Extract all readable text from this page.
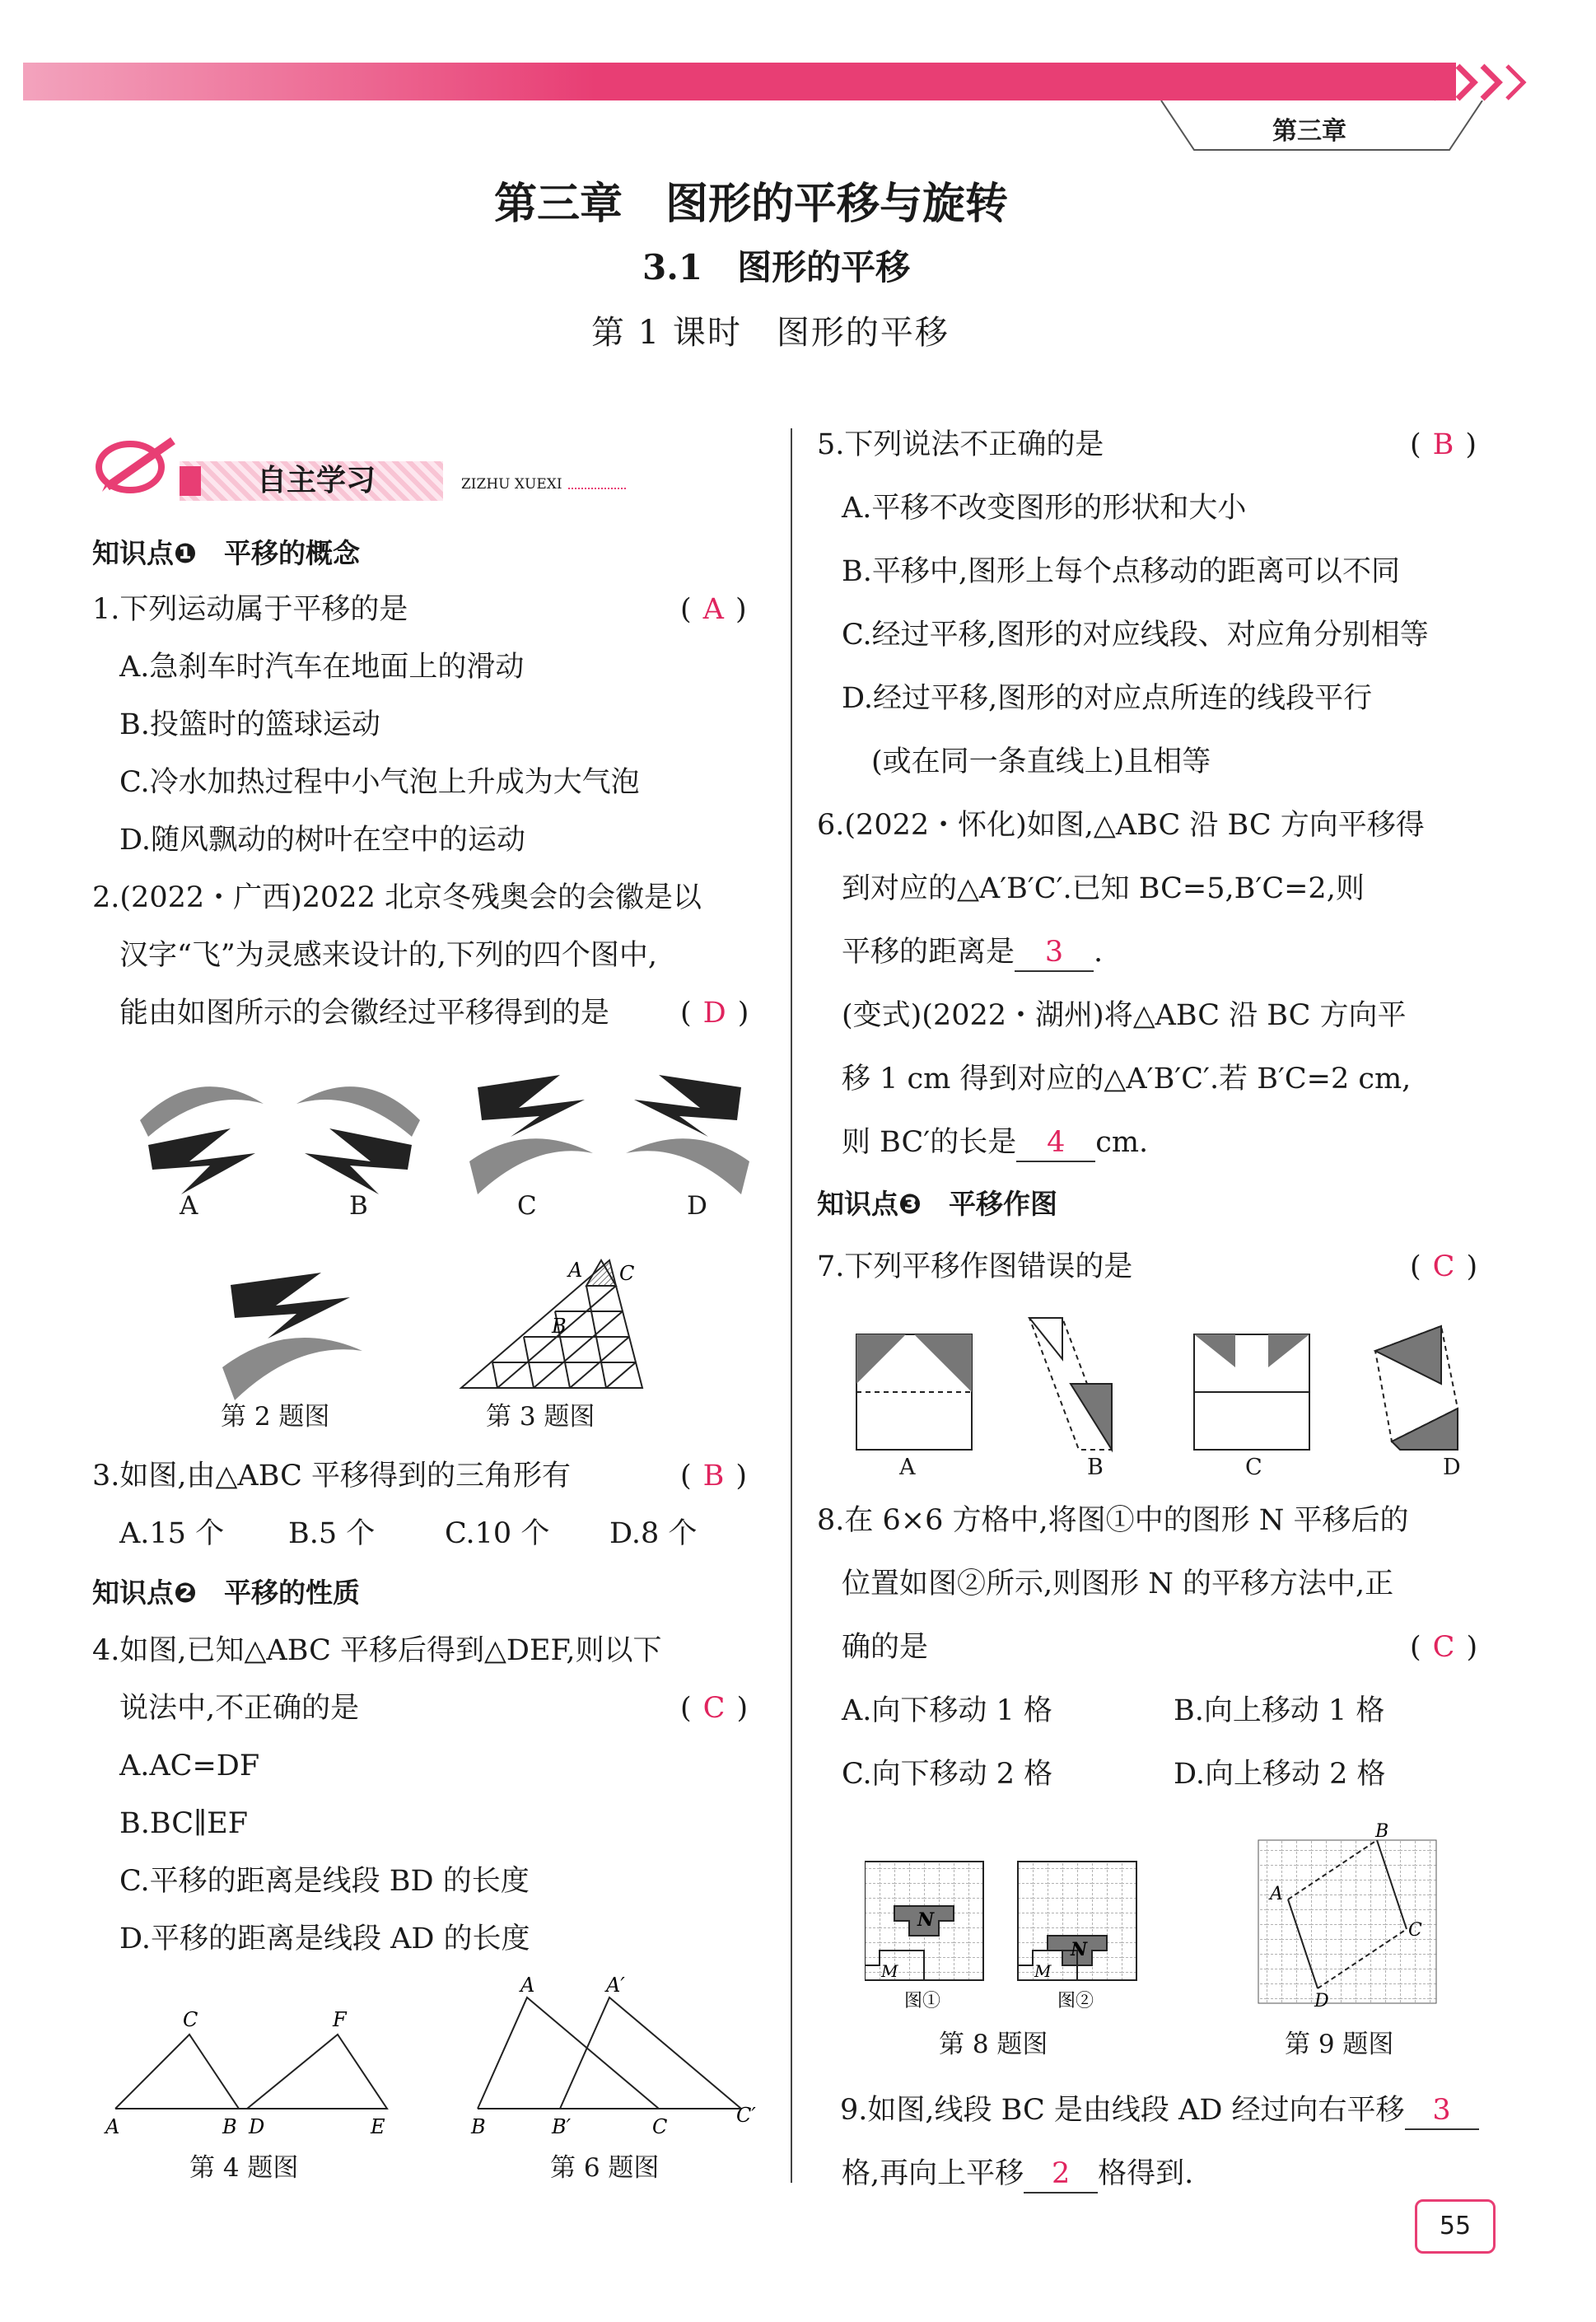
第三章
第三章　图形的平移与旋转
3.1　图形的平移
第 1 课时　图形的平移
自主学习	ZIZHU XUEXI
知识点❶　平移的概念
1.下列运动属于平移的是	( A )
A.急刹车时汽车在地面上的滑动
B.投篮时的篮球运动
C.冷水加热过程中小气泡上升成为大气泡
D.随风飘动的树叶在空中的运动
2.(2022・广西)2022 北京冬残奥会的会徽是以
汉字“飞”为灵感来设计的,下列的四个图中,
能由如图所示的会徽经过平移得到的是 ( D )
A	B	C	D
第 2 题图
A C
B
第 3 题图
3.如图,由△ABC 平移得到的三角形有	( B )
A.15 个 B.5 个 C.10 个 D.8 个
知识点❷　平移的性质
4.如图,已知△ABC 平移后得到△DEF,则以下
说法中,不正确的是	( C )
A.AC=DF
B.BC∥EF
C.平移的距离是线段 BD 的长度
D.平移的距离是线段 AD 的长度
C	F
A	B D	E
第 4 题图
A	A′
B	B′	C	C′
第 6 题图
5.下列说法不正确的是	( B )
A.平移不改变图形的形状和大小
B.平移中,图形上每个点移动的距离可以不同
C.经过平移,图形的对应线段、对应角分别相等
D.经过平移,图形的对应点所连的线段平行
(或在同一条直线上)且相等
6.(2022・怀化)如图,△ABC 沿 BC 方向平移得
到对应的△A′B′C′.已知 BC=5,B′C=2,则
平移的距离是 3 .
(变式)(2022・湖州)将△ABC 沿 BC 方向平
移 1 cm 得到对应的△A′B′C′.若 B′C=2 cm,
则 BC′的长是 4 cm.
知识点❸　平移作图
7.下列平移作图错误的是	( C )
A	B	C	D
8.在 6×6 方格中,将图①中的图形 N 平移后的
位置如图②所示,则图形 N 的平移方法中,正
确的是	( C )
A.向下移动 1 格	B.向上移动 1 格
C.向下移动 2 格	D.向上移动 2 格
N
M
图①
N
M
图②
第 8 题图
A
B
C
D
第 9 题图
9.如图,线段 BC 是由线段 AD 经过向右平移 3
格,再向上平移 2 格得到.
55
